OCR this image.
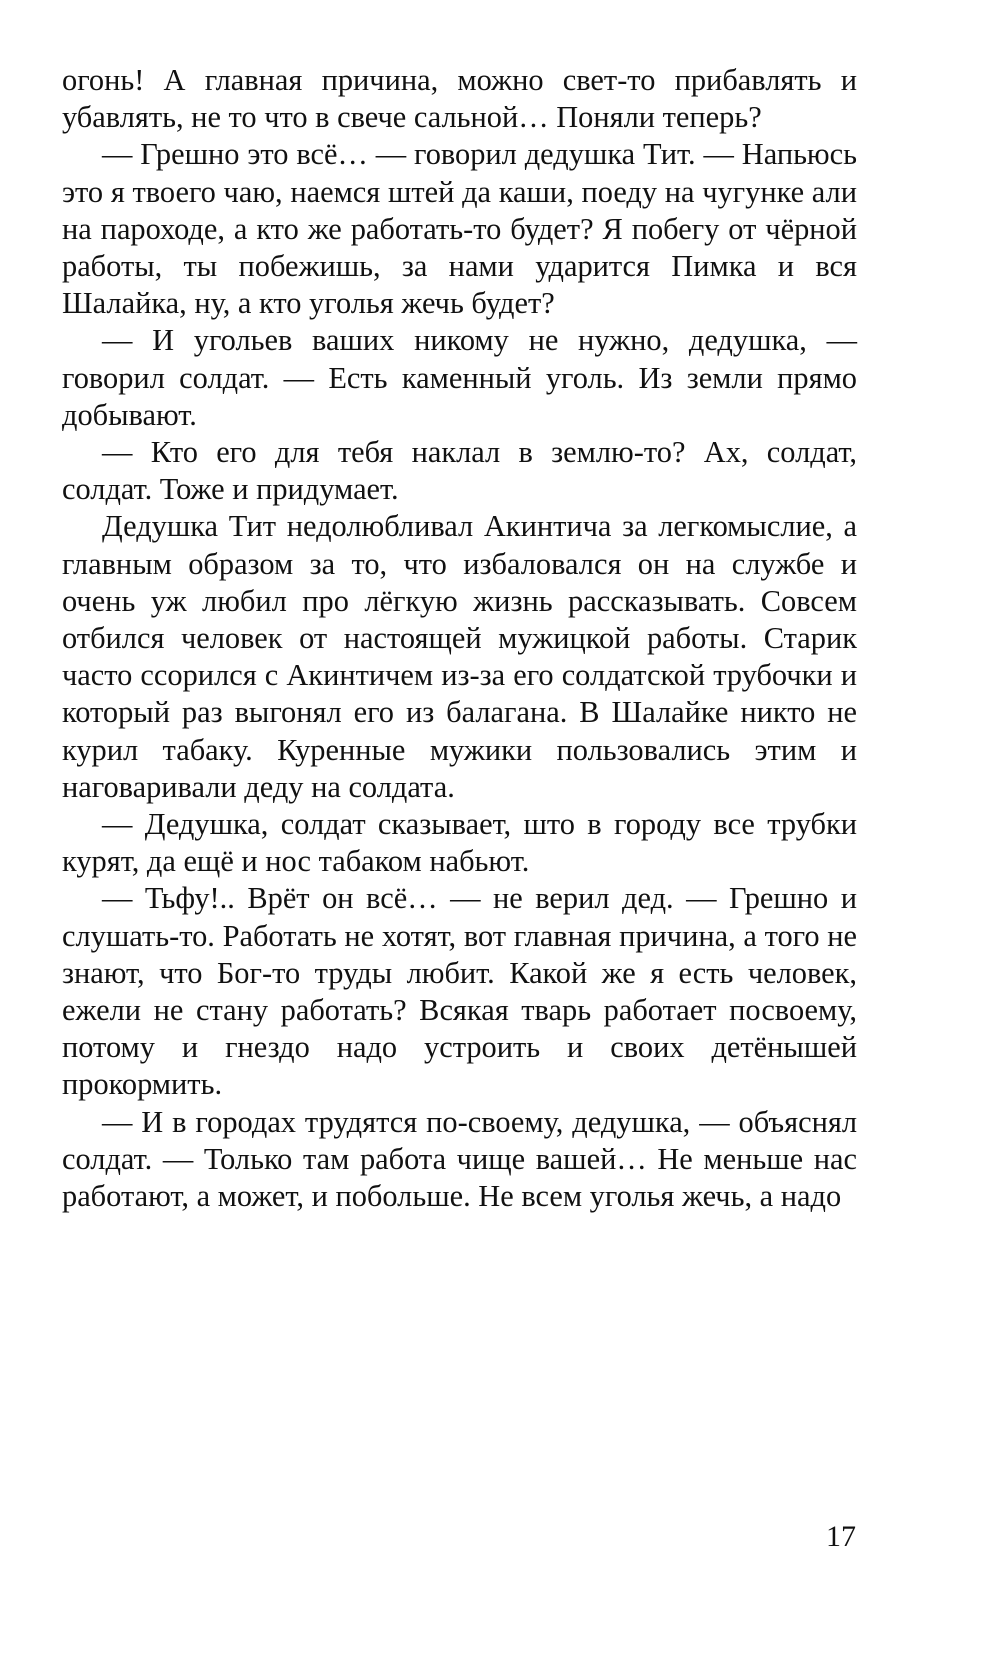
огонь! А главная причина, можно свет-то прибавлять и убавлять, не то что в свече сальной… Поняли теперь?

— Грешно это всё… — говорил дедушка Тит. — Напьюсь это я твоего чаю, наемся штей да каши, поеду на чугунке али на пароходе, а кто же работать-то будет? Я побегу от чёрной работы, ты побежишь, за нами ударится Пимка и вся Шалайка, ну, а кто уголья жечь будет?

— И угольев ваших никому не нужно, дедушка, — говорил солдат. — Есть каменный уголь. Из земли прямо добывают.

— Кто его для тебя наклал в землю-то? Ах, солдат, солдат. Тоже и придумает.

Дедушка Тит недолюбливал Акинтича за легкомыслие, а главным образом за то, что избаловался он на службе и очень уж любил про лёгкую жизнь рассказывать. Совсем отбился человек от настоящей мужицкой работы. Старик часто ссорился с Акинтичем из-за его солдатской трубочки и который раз выгонял его из балагана. В Шалайке никто не курил табаку. Куренные мужики пользовались этим и наговаривали деду на солдата.

— Дедушка, солдат сказывает, што в городу все трубки курят, да ещё и нос табаком набьют.

— Тьфу!.. Врёт он всё… — не верил дед. — Грешно и слушать-то. Работать не хотят, вот главная причина, а того не знают, что Бог-то труды любит. Какой же я есть человек, ежели не стану работать? Всякая тварь работает посвоему, потому и гнездо надо устроить и своих детёнышей прокормить.

— И в городах трудятся по-своему, дедушка, — объяснял солдат. — Только там работа чище вашей… Не меньше нас работают, а может, и побольше. Не всем уголья жечь, а надо

17
